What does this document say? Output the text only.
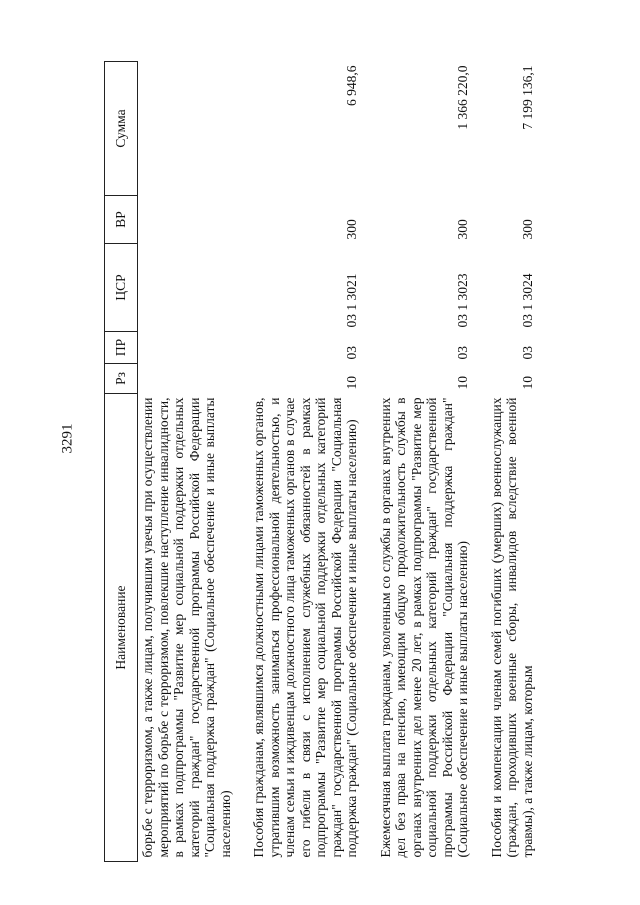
3291
Наименование	Рз	ПР	ЦСР	ВР	Сумма
борьбе с терроризмом, а также лицам, получившим увечья при осуществлении мероприятий по борьбе с терроризмом, повлекшие наступление инвалидности, в рамках подпрограммы "Развитие мер социальной поддержки отдельных категорий граждан" государственной программы Российской Федерации "Социальная поддержка граждан" (Социальное обеспечение и иные выплаты населению)					

Пособия гражданам, являвшимся должностными лицами таможенных органов, утратившим возможность заниматься профессиональной деятельностью, и членам семьи и иждивенцам должностного лица таможенных органов в случае его гибели в связи с исполнением служебных обязанностей в рамках подпрограммы "Развитие мер социальной поддержки отдельных категорий граждан" государственной программы Российской Федерации "Социальная поддержка граждан" (Социальное обеспечение и иные выплаты населению)	10	03	03 1 3021	300	6 948,6

Ежемесячная выплата гражданам, уволенным со службы в органах внутренних дел без права на пенсию, имеющим общую продолжительность службы в органах внутренних дел менее 20 лет, в рамках подпрограммы "Развитие мер социальной поддержки отдельных категорий граждан" государственной программы Российской Федерации "Социальная поддержка граждан" (Социальное обеспечение и иные выплаты населению)	10	03	03 1 3023	300	1 366 220,0

Пособия и компенсации членам семей погибших (умерших) военнослужащих (граждан, проходивших военные сборы, инвалидов вследствие военной травмы), а также лицам, которым	10	03	03 1 3024	300	7 199 136,1
